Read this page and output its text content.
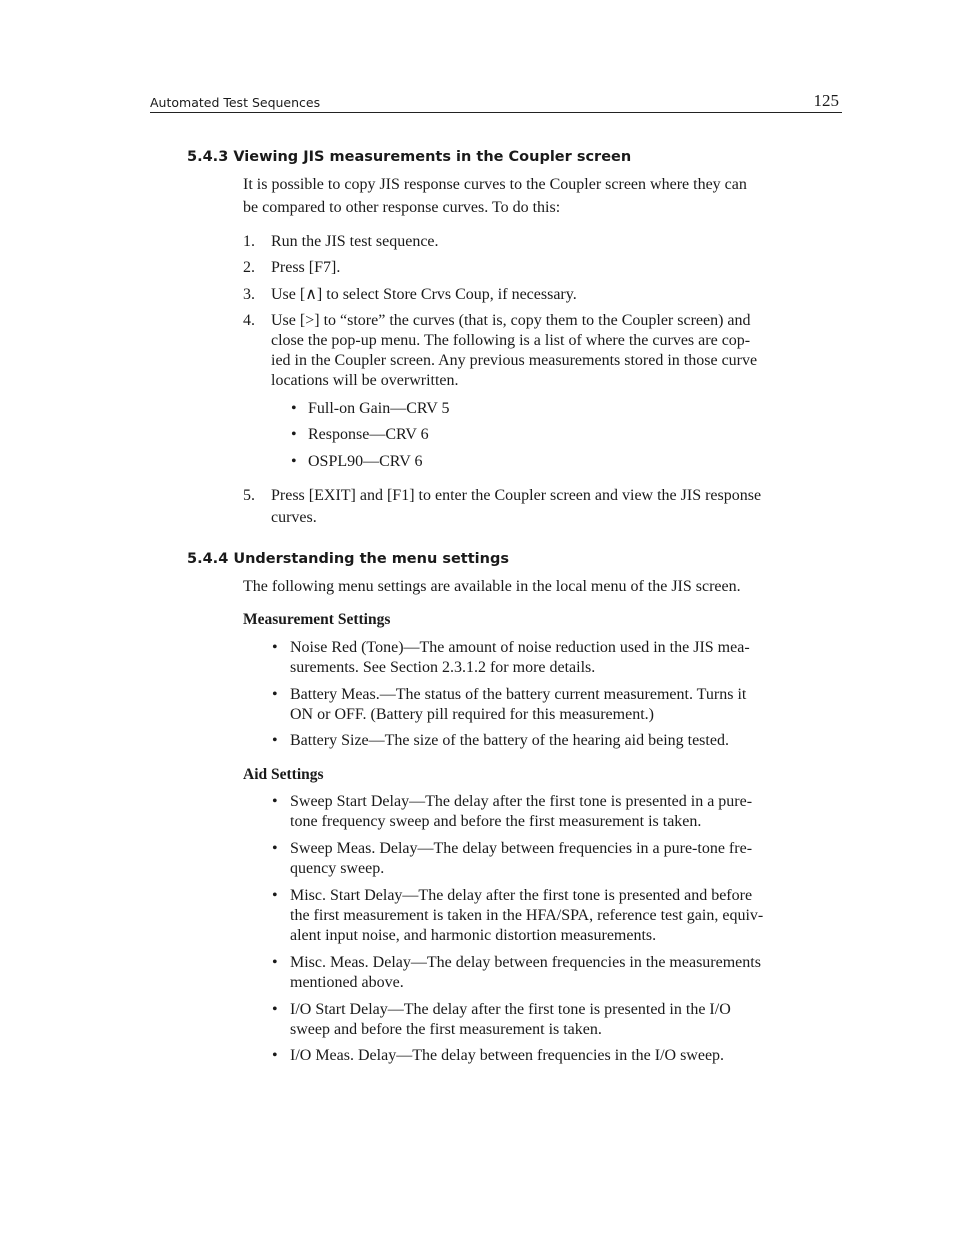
Automated Test Sequences	125
5.4.3 Viewing JIS measurements in the Coupler screen
It is possible to copy JIS response curves to the Coupler screen where they can
be compared to other response curves. To do this:
1.	Run the JIS test sequence.
2.	Press [F7].
3.	Use [∧] to select Store Crvs Coup, if necessary.
4.	Use [>] to “store” the curves (that is, copy them to the Coupler screen) and
close the pop-up menu. The following is a list of where the curves are cop-
ied in the Coupler screen. Any previous measurements stored in those curve
locations will be overwritten.
• Full-on Gain—CRV 5
• Response—CRV 6
• OSPL90—CRV 6
5.	Press [EXIT] and [F1] to enter the Coupler screen and view the JIS response
curves.
5.4.4 Understanding the menu settings
The following menu settings are available in the local menu of the JIS screen.
Measurement Settings
• Noise Red (Tone)—The amount of noise reduction used in the JIS mea-
surements. See Section 2.3.1.2 for more details.
• Battery Meas.—The status of the battery current measurement. Turns it
ON or OFF. (Battery pill required for this measurement.)
• Battery Size—The size of the battery of the hearing aid being tested.
Aid Settings
• Sweep Start Delay—The delay after the first tone is presented in a pure-
tone frequency sweep and before the first measurement is taken.
• Sweep Meas. Delay—The delay between frequencies in a pure-tone fre-
quency sweep.
• Misc. Start Delay—The delay after the first tone is presented and before
the first measurement is taken in the HFA/SPA, reference test gain, equiv-
alent input noise, and harmonic distortion measurements.
• Misc. Meas. Delay—The delay between frequencies in the measurements
mentioned above.
• I/O Start Delay—The delay after the first tone is presented in the I/O
sweep and before the first measurement is taken.
• I/O Meas. Delay—The delay between frequencies in the I/O sweep.
